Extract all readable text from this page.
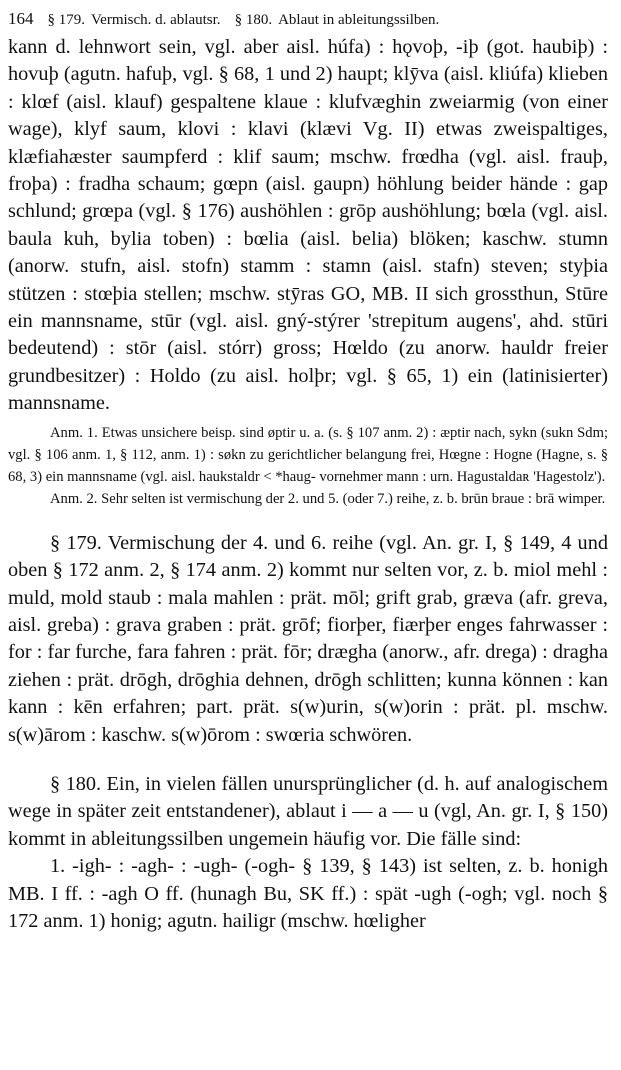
164 § 179. Vermisch. d. ablautsr. § 180. Ablaut in ableitungssilben.

kann d. lehnwort sein, vgl. aber aisl. húfa) : hǫvoþ, -iþ (got. haubiþ) : hovuþ (agutn. hafuþ, vgl. § 68, 1 und 2) haupt; klȳva (aisl. kliúfa) klieben : klœf (aisl. klauf) gespaltene klaue : klufvæghin zweiarmig (von einer wage), klyf saum, klovi : klavi (klævi Vg. II) etwas zweispaltiges, klæfiahæster saumpferd : klif saum; mschw. frœdha (vgl. aisl. frauþ, froþa) : fradha schaum; gœpn (aisl. gaupn) höhlung beider hände : gap schlund; grœpa (vgl. § 176) aushöhlen : grōp aushöhlung; bœla (vgl. aisl. baula kuh, bylia toben) : bœlia (aisl. belia) blöken; kaschw. stumn (anorw. stufn, aisl. stofn) stamm : stamn (aisl. stafn) steven; styþia stützen : stœþia stellen; mschw. stȳras GO, MB. II sich grossthun, Stūre ein mannsname, stūr (vgl. aisl. gný-stýrer 'strepitum augens', ahd. stūri bedeutend) : stōr (aisl. stórr) gross; Hœldo (zu anorw. hauldr freier grundbesitzer) : Holdo (zu aisl. holþr; vgl. § 65, 1) ein (latinisierter) mannsname.

Anm. 1. Etwas unsichere beisp. sind øptir u. a. (s. § 107 anm. 2) : æptir nach, sykn (sukn Sdm; vgl. § 106 anm. 1, § 112, anm. 1) : søkn zu gerichtlicher belangung frei, Hœgne : Hogne (Hagne, s. § 68, 3) ein mannsname (vgl. aisl. haukstaldr < *haug- vornehmer mann : urn. Hagustaldaʀ 'Hagestolz').

Anm. 2. Sehr selten ist vermischung der 2. und 5. (oder 7.) reihe, z. b. brūn braue : brā wimper.

§ 179. Vermischung der 4. und 6. reihe (vgl. An. gr. I, § 149, 4 und oben § 172 anm. 2, § 174 anm. 2) kommt nur selten vor, z. b. miol mehl : muld, mold staub : mala mahlen : prät. mōl; grift grab, græva (afr. greva, aisl. greba) : grava graben : prät. grōf; fiorþer, fiærþer enges fahrwasser : for : far furche, fara fahren : prät. fōr; drægha (anorw., afr. drega) : dragha ziehen : prät. drōgh, drōghia dehnen, drōgh schlitten; kunna können : kan kann : kēn erfahren; part. prät. s(w)urin, s(w)orin : prät. pl. mschw. s(w)ārom : kaschw. s(w)ōrom : swœria schwören.

§ 180. Ein, in vielen fällen unursprünglicher (d. h. auf analogischem wege in später zeit entstandener), ablaut i — a — u (vgl, An. gr. I, § 150) kommt in ableitungssilben ungemein häufig vor. Die fälle sind:

1. -igh- : -agh- : -ugh- (-ogh- § 139, § 143) ist selten, z. b. honigh MB. I ff. : -agh O ff. (hunagh Bu, SK ff.) : spät -ugh (-ogh; vgl. noch § 172 anm. 1) honig; agutn. hailigr (mschw. hœligher
